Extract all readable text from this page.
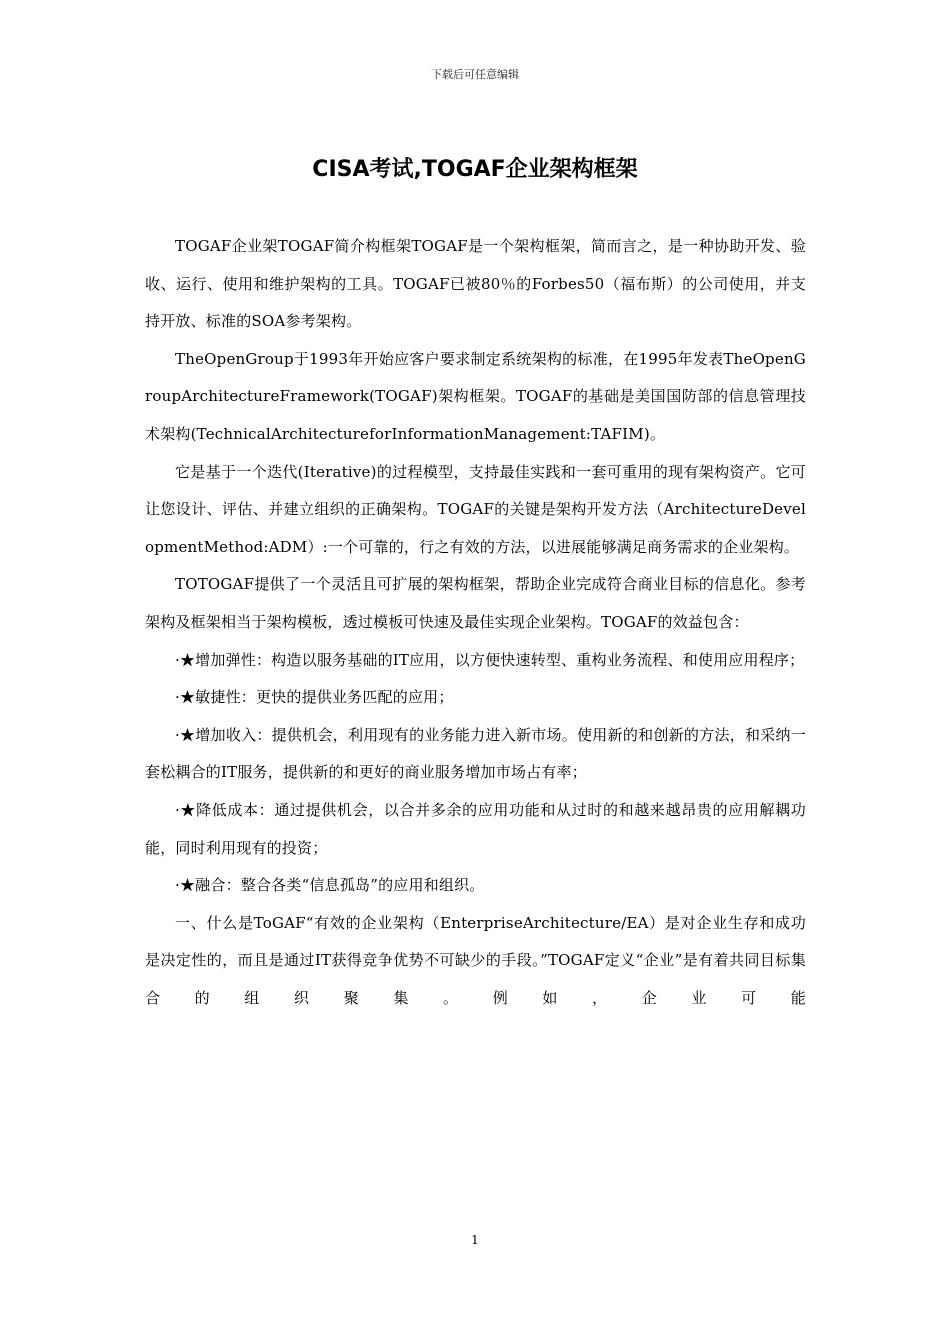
下载后可任意编辑
CISA考试,TOGAF企业架构框架

TOGAF企业架TOGAF简介构框架TOGAF是一个架构框架，简而言之，是一种协助开发、验收、运行、使用和维护架构的工具。TOGAF已被80％的Forbes50（福布斯）的公司使用，并支持开放、标准的SOA参考架构。

TheOpenGroup于1993年开始应客户要求制定系统架构的标准，在1995年发表TheOpenGroupArchitectureFramework(TOGAF)架构框架。TOGAF的基础是美国国防部的信息管理技术架构(TechnicalArchitectureforInformationManagement:TAFIM)。

它是基于一个迭代(Iterative)的过程模型，支持最佳实践和一套可重用的现有架构资产。它可让您设计、评估、并建立组织的正确架构。TOGAF的关键是架构开发方法（ArchitectureDevelopmentMethod:ADM）:一个可靠的，行之有效的方法，以进展能够满足商务需求的企业架构。

TOTOGAF提供了一个灵活且可扩展的架构框架，帮助企业完成符合商业目标的信息化。参考架构及框架相当于架构模板，透过模板可快速及最佳实现企业架构。TOGAF的效益包含：

·★增加弹性：构造以服务基础的IT应用，以方便快速转型、重构业务流程、和使用应用程序；

·★敏捷性：更快的提供业务匹配的应用；

·★增加收入：提供机会，利用现有的业务能力进入新市场。使用新的和创新的方法，和采纳一套松耦合的IT服务，提供新的和更好的商业服务增加市场占有率；

·★降低成本：通过提供机会，以合并多余的应用功能和从过时的和越来越昂贵的应用解耦功能，同时利用现有的投资；

·★融合：整合各类“信息孤岛”的应用和组织。

一、什么是ToGAF“有效的企业架构（EnterpriseArchitecture/EA）是对企业生存和成功是决定性的，而且是通过IT获得竞争优势不可缺少的手段。”TOGAF定义“企业”是有着共同目标集合的组织聚集。例如，企业可能

1
